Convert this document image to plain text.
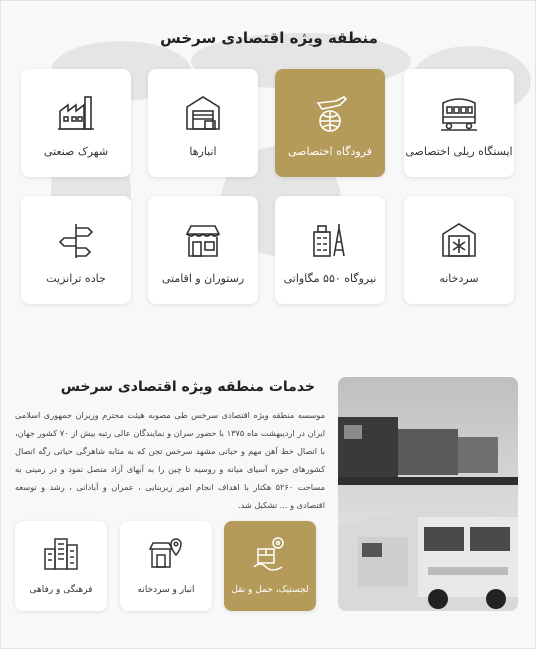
منطقه ویژه اقتصادی سرخس
ایستگاه ریلی اختصاصی
فرودگاه اختصاصی
انبارها
شهرک صنعتی
سردخانه
نیروگاه ۵۵۰ مگاواتی
رستوران و اقامتی
جاده ترانزیت
خدمات منطقه ویژه اقتصادی سرخس
موسسه منطقه ویژه اقتصادی سرخس طی مصوبه هیئت محترم وزیران جمهوری اسلامی ایران در اردیبهشت ماه ۱۳۷۵ با حضور سران و نمایندگان عالی رتبه بیش از ۷۰ کشور جهان، با اتصال خط آهن مهم و حیاتی مشهد سرخس تجن که به مثابه شاهرگی حیاتی رگه اتصال کشورهای حوزه آسیای میانه و روسیه تا چین را به آبهای آزاد متصل نمود و در زمینی به مساحت ۵۲۶۰ هکتار با اهداف انجام امور زیربنایی ، عمران و آبادانی ، رشد و توسعه اقتصادی و ... تشکیل شد.
لجستیک، حمل و نقل
انبار و سردخانه
فرهنگی و رفاهی
